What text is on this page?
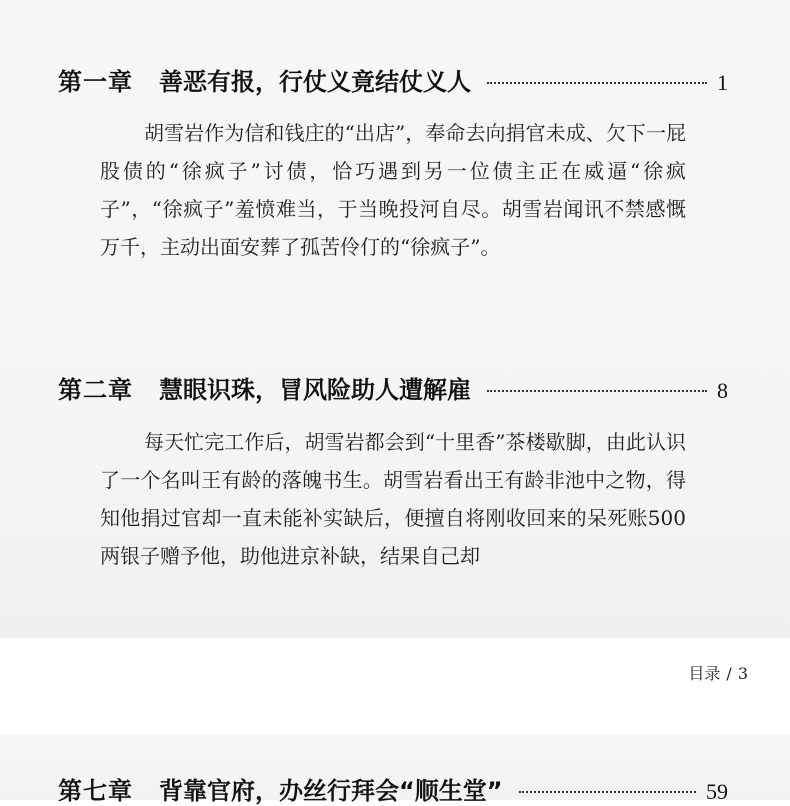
第一章 善恶有报，行仗义竟结仗义人	1
胡雪岩作为信和钱庄的“出店”，奉命去向捐官未成、欠下一屁股债的“徐疯子”讨债，恰巧遇到另一位债主正在威逼“徐疯子”，“徐疯子”羞愤难当，于当晚投河自尽。胡雪岩闻讯不禁感慨万千，主动出面安葬了孤苦伶仃的“徐疯子”。
第二章 慧眼识珠，冒风险助人遭解雇	8
每天忙完工作后，胡雪岩都会到“十里香”茶楼歇脚，由此认识了一个名叫王有龄的落魄书生。胡雪岩看出王有龄非池中之物，得知他捐过官却一直未能补实缺后，便擅自将刚收回来的呆死账500两银子赠予他，助他进京补缺，结果自己却
目录 / 3
第七章 背靠官府，办丝行拜会“顺生堂”	59
